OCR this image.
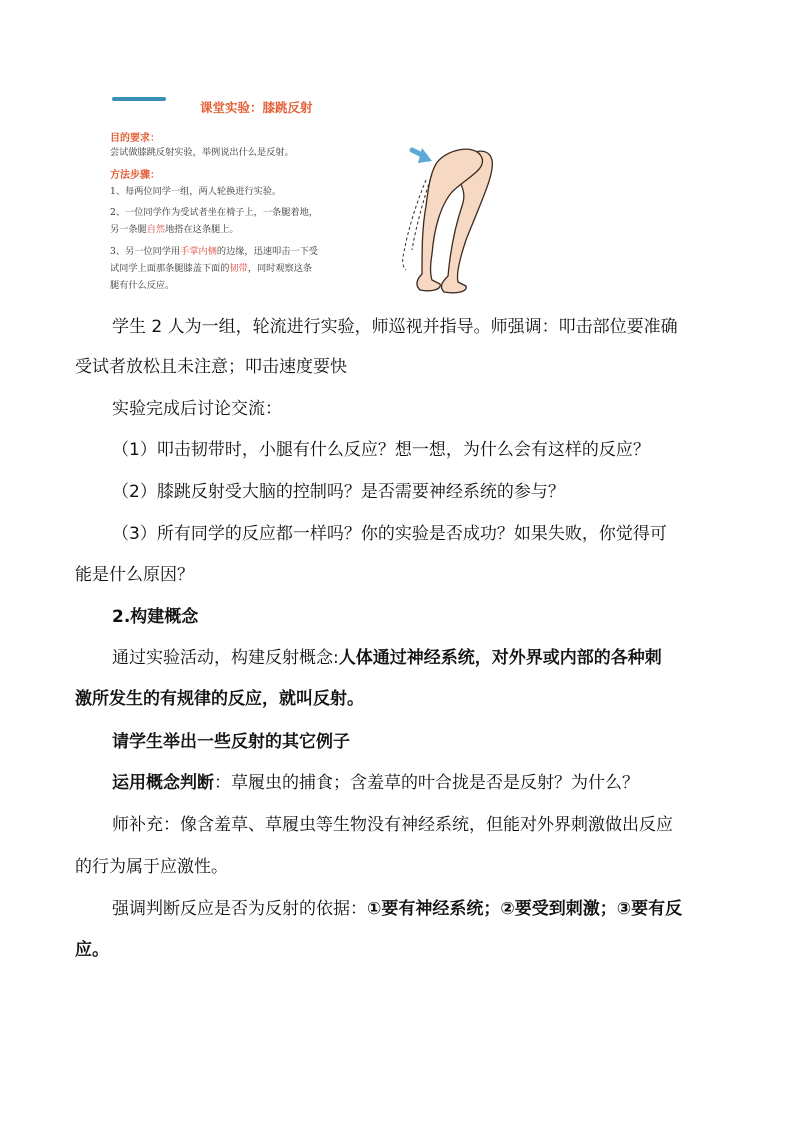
课堂实验：膝跳反射
目的要求：
尝试做膝跳反射实验，举例说出什么是反射。
方法步骤：
1、每两位同学一组，两人轮换进行实验。
2、一位同学作为受试者坐在椅子上，一条腿着地，
另一条腿自然地搭在这条腿上。
3、另一位同学用手掌内侧的边缘，迅速叩击一下受
试同学上面那条腿膝盖下面的韧带，同时观察这条
腿有什么反应。
学生 2 人为一组，轮流进行实验，师巡视并指导。师强调：叩击部位要准确
受试者放松且未注意；叩击速度要快
实验完成后讨论交流：
（1）叩击韧带时，小腿有什么反应？想一想，为什么会有这样的反应？
（2）膝跳反射受大脑的控制吗？是否需要神经系统的参与？
（3）所有同学的反应都一样吗？你的实验是否成功？如果失败，你觉得可
能是什么原因？
2.构建概念
通过实验活动，构建反射概念:人体通过神经系统，对外界或内部的各种刺
激所发生的有规律的反应，就叫反射。
请学生举出一些反射的其它例子
运用概念判断：草履虫的捕食；含羞草的叶合拢是否是反射？为什么？
师补充：像含羞草、草履虫等生物没有神经系统，但能对外界刺激做出反应
的行为属于应激性。
强调判断反应是否为反射的依据：①要有神经系统；②要受到刺激；③要有反
应。
